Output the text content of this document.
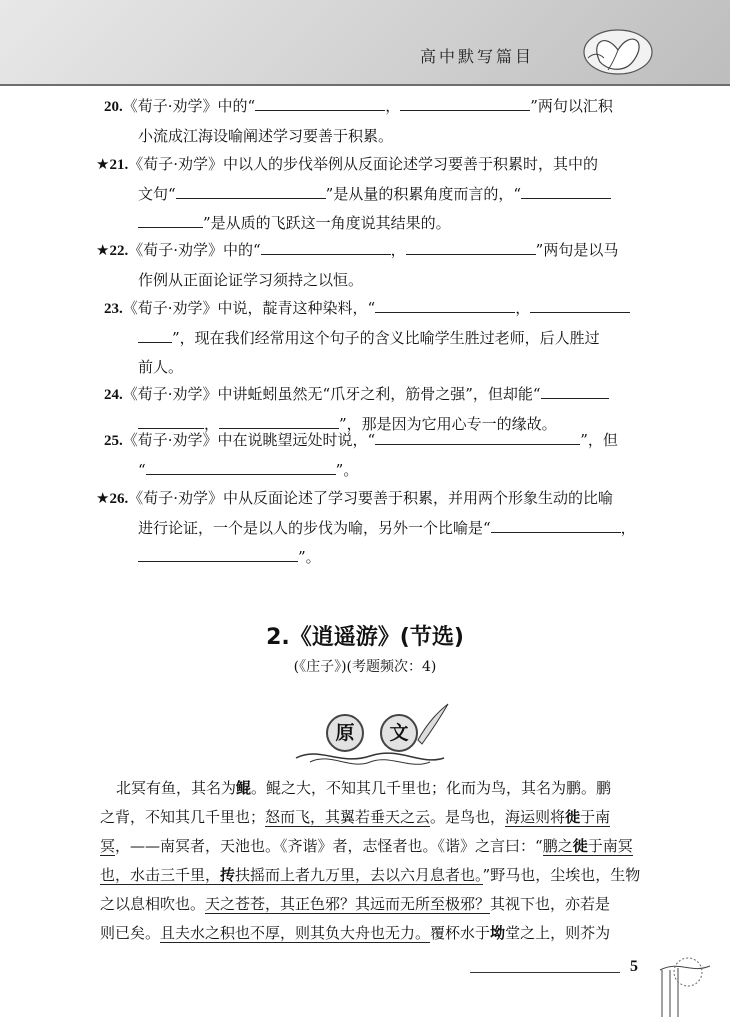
高中默写篇目
20.《荀子·劝学》中的“	，	”两句以汇积
小流成江海设喻阐述学习要善于积累。
★21.《荀子·劝学》中以人的步伐举例从反面论述学习要善于积累时，其中的
文句“	”是从量的积累角度而言的，“
”是从质的飞跃这一角度说其结果的。
★22.《荀子·劝学》中的“	，	”两句是以马
作例从正面论证学习须持之以恒。
23.《荀子·劝学》中说，靛青这种染料，“	，
”，现在我们经常用这个句子的含义比喻学生胜过老师，后人胜过
前人。
24.《荀子·劝学》中讲蚯蚓虽然无“爪牙之利，筋骨之强”，但却能“
，	”，那是因为它用心专一的缘故。
25.《荀子·劝学》中在说眺望远处时说，“	”，但
“	”。
★26.《荀子·劝学》中从反面论述了学习要善于积累，并用两个形象生动的比喻
进行论证，一个是以人的步伐为喻，另外一个比喻是“	，
”。
2.《逍遥游》(节选)
(《庄子》)(考题频次：4)
原	文
北冥有鱼，其名为鲲。鲲之大，不知其几千里也；化而为鸟，其名为鹏。鹏
之背，不知其几千里也；怒而飞，其翼若垂天之云。是鸟也，海运则将徙于南
冥，——南冥者，天池也。《齐谐》者，志怪者也。《谐》之言曰：“鹏之徙于南冥
也，水击三千里，抟扶摇而上者九万里，去以六月息者也。”野马也，尘埃也，生物
之以息相吹也。天之苍苍，其正色邪？其远而无所至极邪？其视下也，亦若是
则已矣。且夫水之积也不厚，则其负大舟也无力。覆杯水于坳堂之上，则芥为
5
